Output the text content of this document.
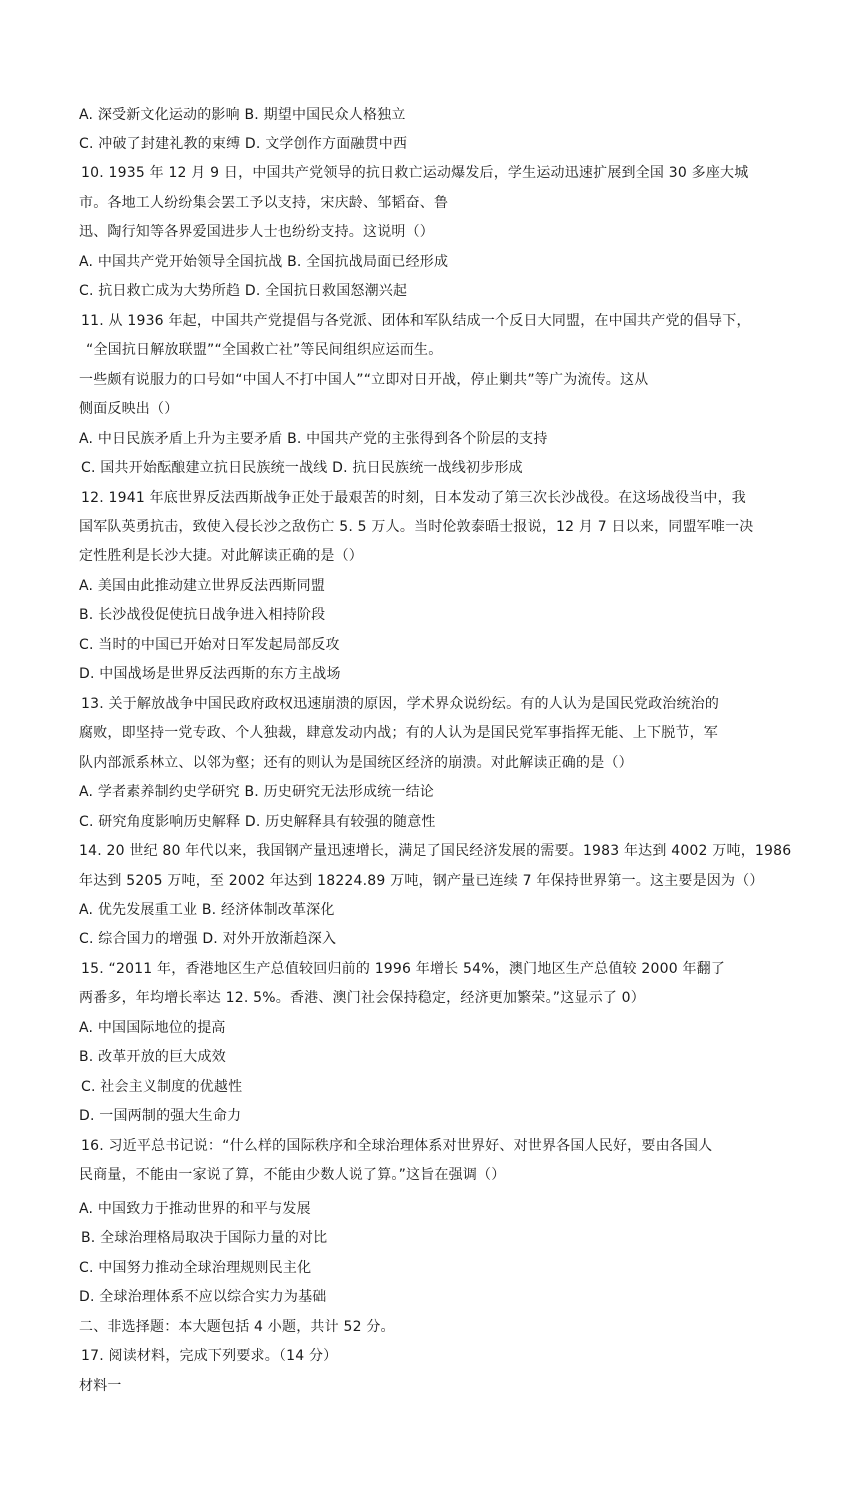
A. 深受新文化运动的影响 B. 期望中国民众人格独立
C. 冲破了封建礼教的束缚 D. 文学创作方面融贯中西
10. 1935 年 12 月 9 日，中国共产党领导的抗日救亡运动爆发后，学生运动迅速扩展到全国 30 多座大城
市。各地工人纷纷集会罢工予以支持，宋庆龄、邹韬奋、鲁
迅、陶行知等各界爱国进步人士也纷纷支持。这说明（）
A. 中国共产党开始领导全国抗战 B. 全国抗战局面已经形成
C. 抗日救亡成为大势所趋 D. 全国抗日救国怒潮兴起
11. 从 1936 年起，中国共产党提倡与各党派、团体和军队结成一个反日大同盟，在中国共产党的倡导下，
“全国抗日解放联盟”“全国救亡社”等民间组织应运而生。
一些颇有说服力的口号如“中国人不打中国人”“立即对日开战，停止剿共”等广为流传。这从
侧面反映出（）
A. 中日民族矛盾上升为主要矛盾 B. 中国共产党的主张得到各个阶层的支持
C. 国共开始酝酿建立抗日民族统一战线 D. 抗日民族统一战线初步形成
12. 1941 年底世界反法西斯战争正处于最艰苦的时刻，日本发动了第三次长沙战役。在这场战役当中，我
国军队英勇抗击，致使入侵长沙之敌伤亡 5. 5 万人。当时伦敦泰晤士报说，12 月 7 日以来，同盟军唯一决
定性胜利是长沙大捷。对此解读正确的是（）
A. 美国由此推动建立世界反法西斯同盟
B. 长沙战役促使抗日战争进入相持阶段
C. 当时的中国已开始对日军发起局部反攻
D. 中国战场是世界反法西斯的东方主战场
13. 关于解放战争中国民政府政权迅速崩溃的原因，学术界众说纷纭。有的人认为是国民党政治统治的
腐败，即坚持一党专政、个人独裁，肆意发动内战；有的人认为是国民党军事指挥无能、上下脱节，军
队内部派系林立、以邻为壑；还有的则认为是国统区经济的崩溃。对此解读正确的是（）
A. 学者素养制约史学研究 B. 历史研究无法形成统一结论
C. 研究角度影响历史解释 D. 历史解释具有较强的随意性
14. 20 世纪 80 年代以来，我国钢产量迅速增长，满足了国民经济发展的需要。1983 年达到 4002 万吨，1986
年达到 5205 万吨，至 2002 年达到 18224.89 万吨，钢产量已连续 7 年保持世界第一。这主要是因为（）
A. 优先发展重工业 B. 经济体制改革深化
C. 综合国力的增强 D. 对外开放渐趋深入
15. “2011 年，香港地区生产总值较回归前的 1996 年增长 54%，澳门地区生产总值较 2000 年翻了
两番多，年均增长率达 12. 5%。香港、澳门社会保持稳定，经济更加繁荣。”这显示了 0）
A. 中国国际地位的提高
B. 改革开放的巨大成效
C. 社会主义制度的优越性
D. 一国两制的强大生命力
16. 习近平总书记说：“什么样的国际秩序和全球治理体系对世界好、对世界各国人民好，要由各国人
民商量，不能由一家说了算，不能由少数人说了算。”这旨在强调（）
A. 中国致力于推动世界的和平与发展
B. 全球治理格局取决于国际力量的对比
C. 中国努力推动全球治理规则民主化
D. 全球治理体系不应以综合实力为基础
二、非选择题：本大题包括 4 小题，共计 52 分。
17. 阅读材料，完成下列要求。（14 分）
材料一
